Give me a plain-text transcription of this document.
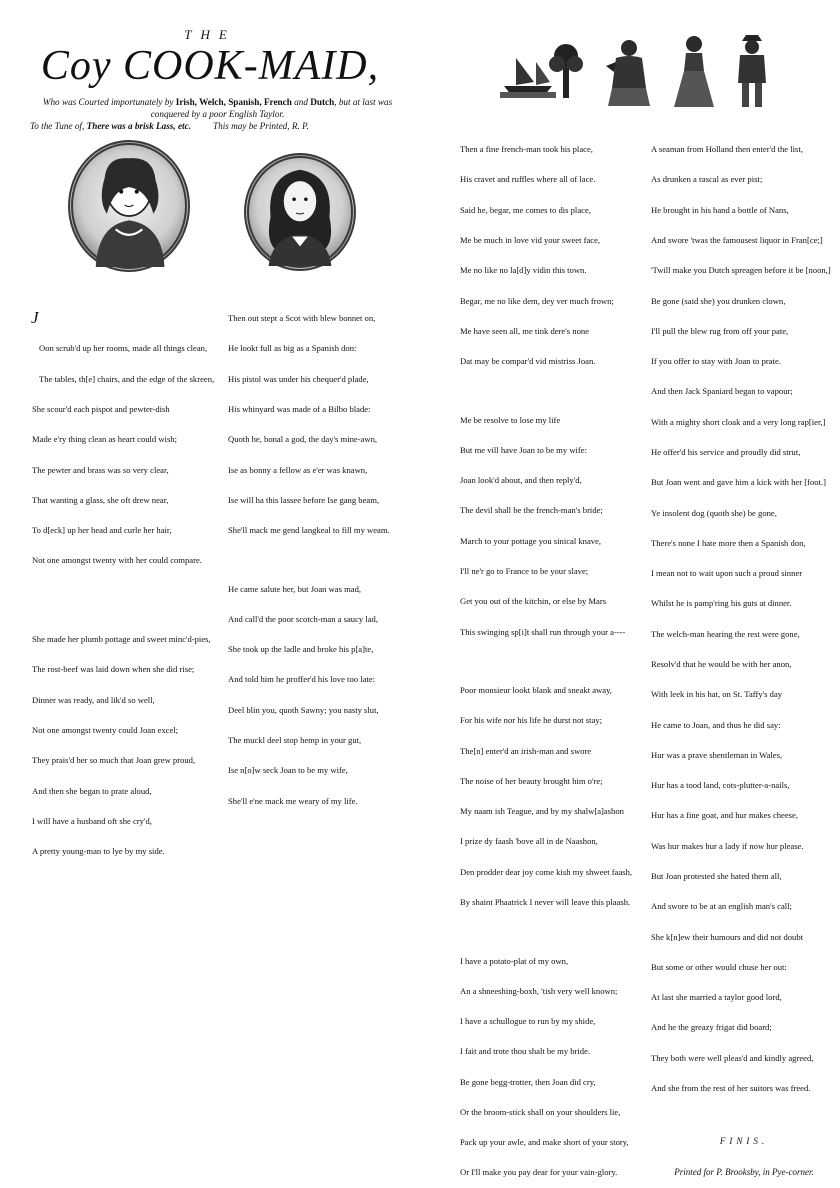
THE
Coy COOK-MAID,
Who was Courted importunately by Irish, Welch, Spanish, French and Dutch, but at last was
conquered by a poor English Taylor.
To the Tune of, There was a brisk Lass, etc. This may be Printed, R. P.

J

Oon scrub'd up her rooms, made all things clean,

The tables, th[e] chairs, and the edge of the skreen,

She scour'd each pispot and pewter-dish

Made e'ry thing clean as heart could wish;

The pewter and brass was so very clear,

That wanting a glass, she oft drew near,

To d[eck] up her head and curle her hair,

Not one amongst twenty with her could compare.

She made her plumb pottage and sweet minc'd-pies,

The rost-beef was laid down when she did rise;

Dinner was ready, and lik'd so well,

Not one amongst twenty could Joan excel;

They prais'd her so much that Joan grew proud,

And then she began to prate aloud,

I will have a husband oft she cry'd,

A pretty young-man to lye by my side.

Then out stept a Scot with blew bonnet on,

He lookt full as big as a Spanish don:

His pistol was under his chequer'd plade,

His whinyard was made of a Bilbo blade:

Quoth he, bonal a god, the day's mine-awn,

Ise as bonny a fellow as e'er was knawn,

Ise will ha this lassee before Ise gang beam,

She'll mack me gend langkeal to fill my weam.

He came salute her, but Joan was mad,

And call'd the poor scotch-man a saucy lad,

She took up the ladle and broke his p[a]te,

And told him he proffer'd his love too late:

Deel blin you, quoth Sawny; you nasty slut,

The muckl deel stop hemp in your gut,

Ise n[o]w seck Joan to be my wife,

She'll e'ne mack me weary of my life.

Then a fine french-man took his place,

His cravet and ruffles where all of lace.

Said he, begar, me comes to dis place,

Me be much in love vid your sweet face,

Me no like no la[d]y vidin this town.

Begar, me no like dem, dey ver much frown;

Me have seen all, me tink dere's none

Dat may be compar'd vid mistriss Joan.

Me be resolve to lose my life

But me vill have Joan to be my wife:

Joan look'd about, and then reply'd,

The devil shall be the french-man's bride;

March to your pottage you sinical knave,

I'll ne'r go to France to be your slave;

Get you out of the kitchin, or else by Mars

This swinging sp[i]t shall run through your a----

Poor monsieur lookt blank and sneakt away,

For his wife nor his life he durst not stay;

The[n] enter'd an irish-man and swore

The noise of her beauty brought him o're;

My naam ish Teague, and by my shalw[a]ashon

I prize dy faash 'bove all in de Naashon,

Den prodder dear joy come kish my shweet faash,

By shaint Phaatrick I never will leave this plaash.

I have a potato-plat of my own,

An a shneeshing-boxh, 'tish very well known;

I have a schullogue to run by my shide,

I fait and trote thou shalt be my bride.

Be gone begg-trotter, then Joan did cry,

Or the broom-stick shall on your shoulders lie,

Pack up your awle, and make short of your story,

Or I'll make you pay dear for your vain-glory.

A seaman from Holland then enter'd the list,

As drunken a rascal as ever pist;

He brought in his hand a bottle of Nans,

And swore 'twas the famousest liquor in Fran[ce;]

'Twill make you Dutch spreagen before it be [noon,]

Be gone (said she) you drunken clown,

I'll pull the blew rug from off your pate,

If you offer to stay with Joan to prate.

And then Jack Spaniard began to vapour;

With a mighty short cloak and a very long rap[ier,]

He offer'd his service and proudly did strut,

But Joan went and gave him a kick with her [foot.]

Ye insolent dog (quoth she) be gone,

There's none I hate more then a Spanish don,

I mean not to wait upon such a proud sinner

Whilst he is pamp'ring his guts at dinner.

The welch-man hearing the rest were gone,

Resolv'd that he would be with her anon,

With leek in his hat, on St. Taffy's day

He came to Joan, and thus he did say:

Hur was a prave shentleman in Wales,

Hur has a tood land, cots-plutter-a-nails,

Hur has a fine goat, and hur makes cheese,

Was hur makes hur a lady if now hur please.

But Joan protested she hated them all,

And swore to be at an english man's call;

She k[n]ew their humours and did not doubt

But some or other would chuse her out:

At last she married a taylor good lord,

And he the greazy frigat did board;

They both were well pleas'd and kindly agreed,

And she from the rest of her suitors was freed.

FINIS.

Printed for P. Brooksby, in Pye-corner.
